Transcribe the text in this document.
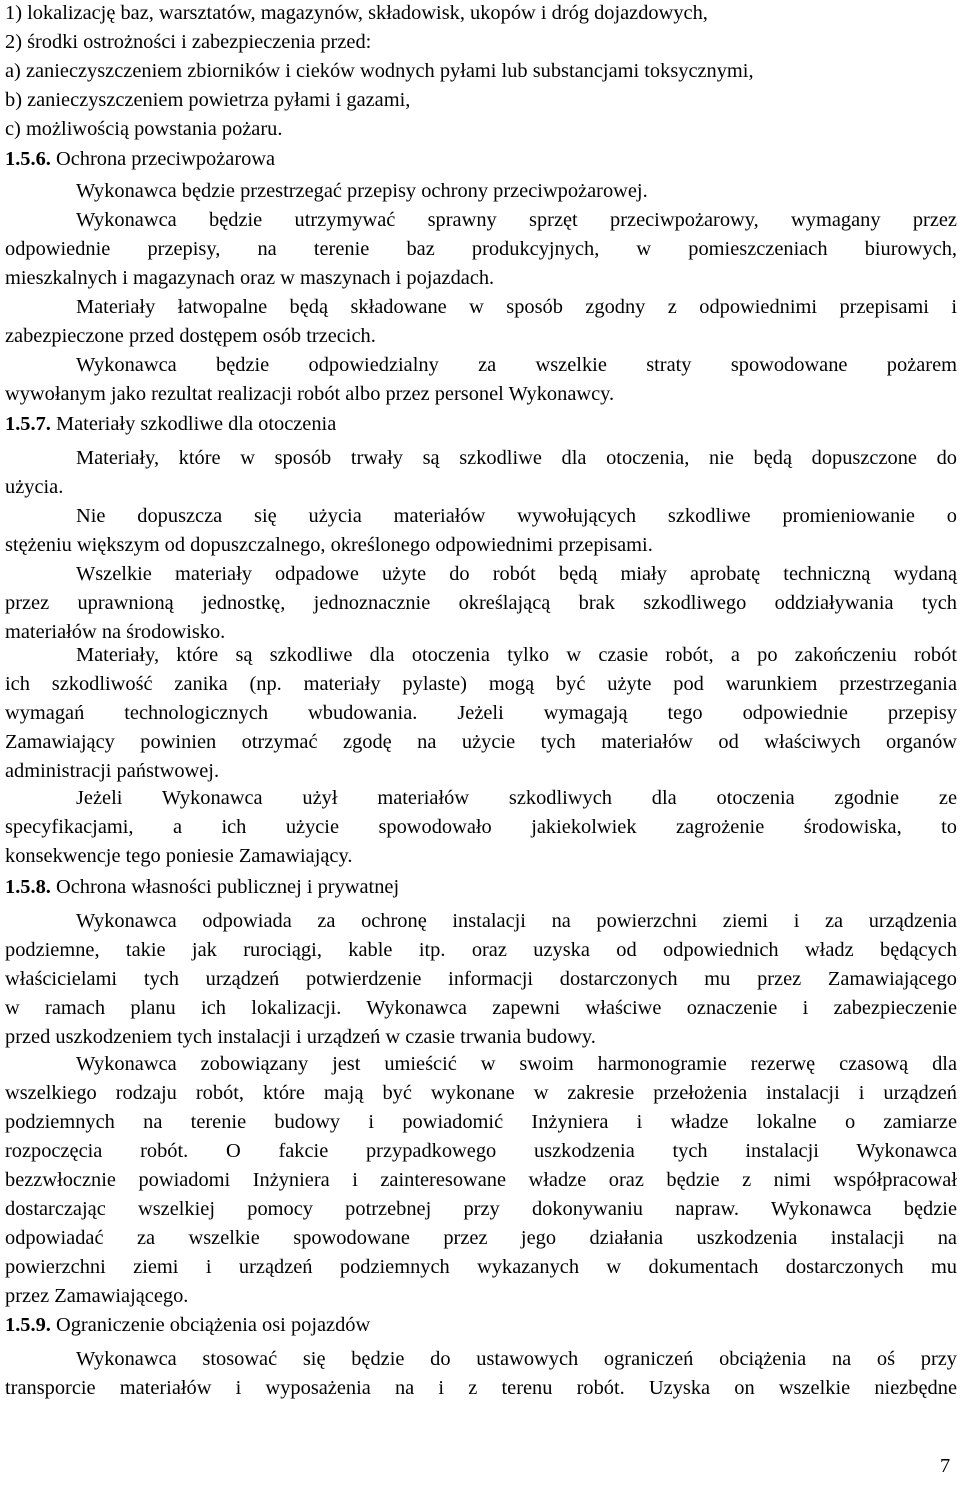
1) lokalizację baz, warsztatów, magazynów, składowisk, ukopów i dróg dojazdowych,
2) środki ostrożności i zabezpieczenia przed:
a) zanieczyszczeniem zbiorników i cieków wodnych pyłami lub substancjami toksycznymi,
b) zanieczyszczeniem powietrza pyłami i gazami,
c) możliwością powstania pożaru.
1.5.6. Ochrona przeciwpożarowa
Wykonawca będzie przestrzegać przepisy ochrony przeciwpożarowej.
Wykonawca będzie utrzymywać sprawny sprzęt przeciwpożarowy, wymagany przez
odpowiednie przepisy, na terenie baz produkcyjnych, w pomieszczeniach biurowych,
mieszkalnych i magazynach oraz w maszynach i pojazdach.
Materiały łatwopalne będą składowane w sposób zgodny z odpowiednimi przepisami i
zabezpieczone przed dostępem osób trzecich.
Wykonawca będzie odpowiedzialny za wszelkie straty spowodowane pożarem
wywołanym jako rezultat realizacji robót albo przez personel Wykonawcy.
1.5.7. Materiały szkodliwe dla otoczenia
Materiały, które w sposób trwały są szkodliwe dla otoczenia, nie będą dopuszczone do
użycia.
Nie dopuszcza się użycia materiałów wywołujących szkodliwe promieniowanie o
stężeniu większym od dopuszczalnego, określonego odpowiednimi przepisami.
Wszelkie materiały odpadowe użyte do robót będą miały aprobatę techniczną wydaną
przez uprawnioną jednostkę, jednoznacznie określającą brak szkodliwego oddziaływania tych
materiałów na środowisko.
Materiały, które są szkodliwe dla otoczenia tylko w czasie robót, a po zakończeniu robót
ich szkodliwość zanika (np. materiały pylaste) mogą być użyte pod warunkiem przestrzegania
wymagań technologicznych wbudowania. Jeżeli wymagają tego odpowiednie przepisy
Zamawiający powinien otrzymać zgodę na użycie tych materiałów od właściwych organów
administracji państwowej.
Jeżeli Wykonawca użył materiałów szkodliwych dla otoczenia zgodnie ze
specyfikacjami, a ich użycie spowodowało jakiekolwiek zagrożenie środowiska, to
konsekwencje tego poniesie Zamawiający.
1.5.8. Ochrona własności publicznej i prywatnej
Wykonawca odpowiada za ochronę instalacji na powierzchni ziemi i za urządzenia
podziemne, takie jak rurociągi, kable itp. oraz uzyska od odpowiednich władz będących
właścicielami tych urządzeń potwierdzenie informacji dostarczonych mu przez Zamawiającego
w ramach planu ich lokalizacji. Wykonawca zapewni właściwe oznaczenie i zabezpieczenie
przed uszkodzeniem tych instalacji i urządzeń w czasie trwania budowy.
Wykonawca zobowiązany jest umieścić w swoim harmonogramie rezerwę czasową dla
wszelkiego rodzaju robót, które mają być wykonane w zakresie przełożenia instalacji i urządzeń
podziemnych na terenie budowy i powiadomić Inżyniera i władze lokalne o zamiarze
rozpoczęcia robót. O fakcie przypadkowego uszkodzenia tych instalacji Wykonawca
bezzwłocznie powiadomi Inżyniera i zainteresowane władze oraz będzie z nimi współpracował
dostarczając wszelkiej pomocy potrzebnej przy dokonywaniu napraw. Wykonawca będzie
odpowiadać za wszelkie spowodowane przez jego działania uszkodzenia instalacji na
powierzchni ziemi i urządzeń podziemnych wykazanych w dokumentach dostarczonych mu
przez Zamawiającego.
1.5.9. Ograniczenie obciążenia osi pojazdów
Wykonawca stosować się będzie do ustawowych ograniczeń obciążenia na oś przy
transporcie materiałów i wyposażenia na i z terenu robót. Uzyska on wszelkie niezbędne
7
